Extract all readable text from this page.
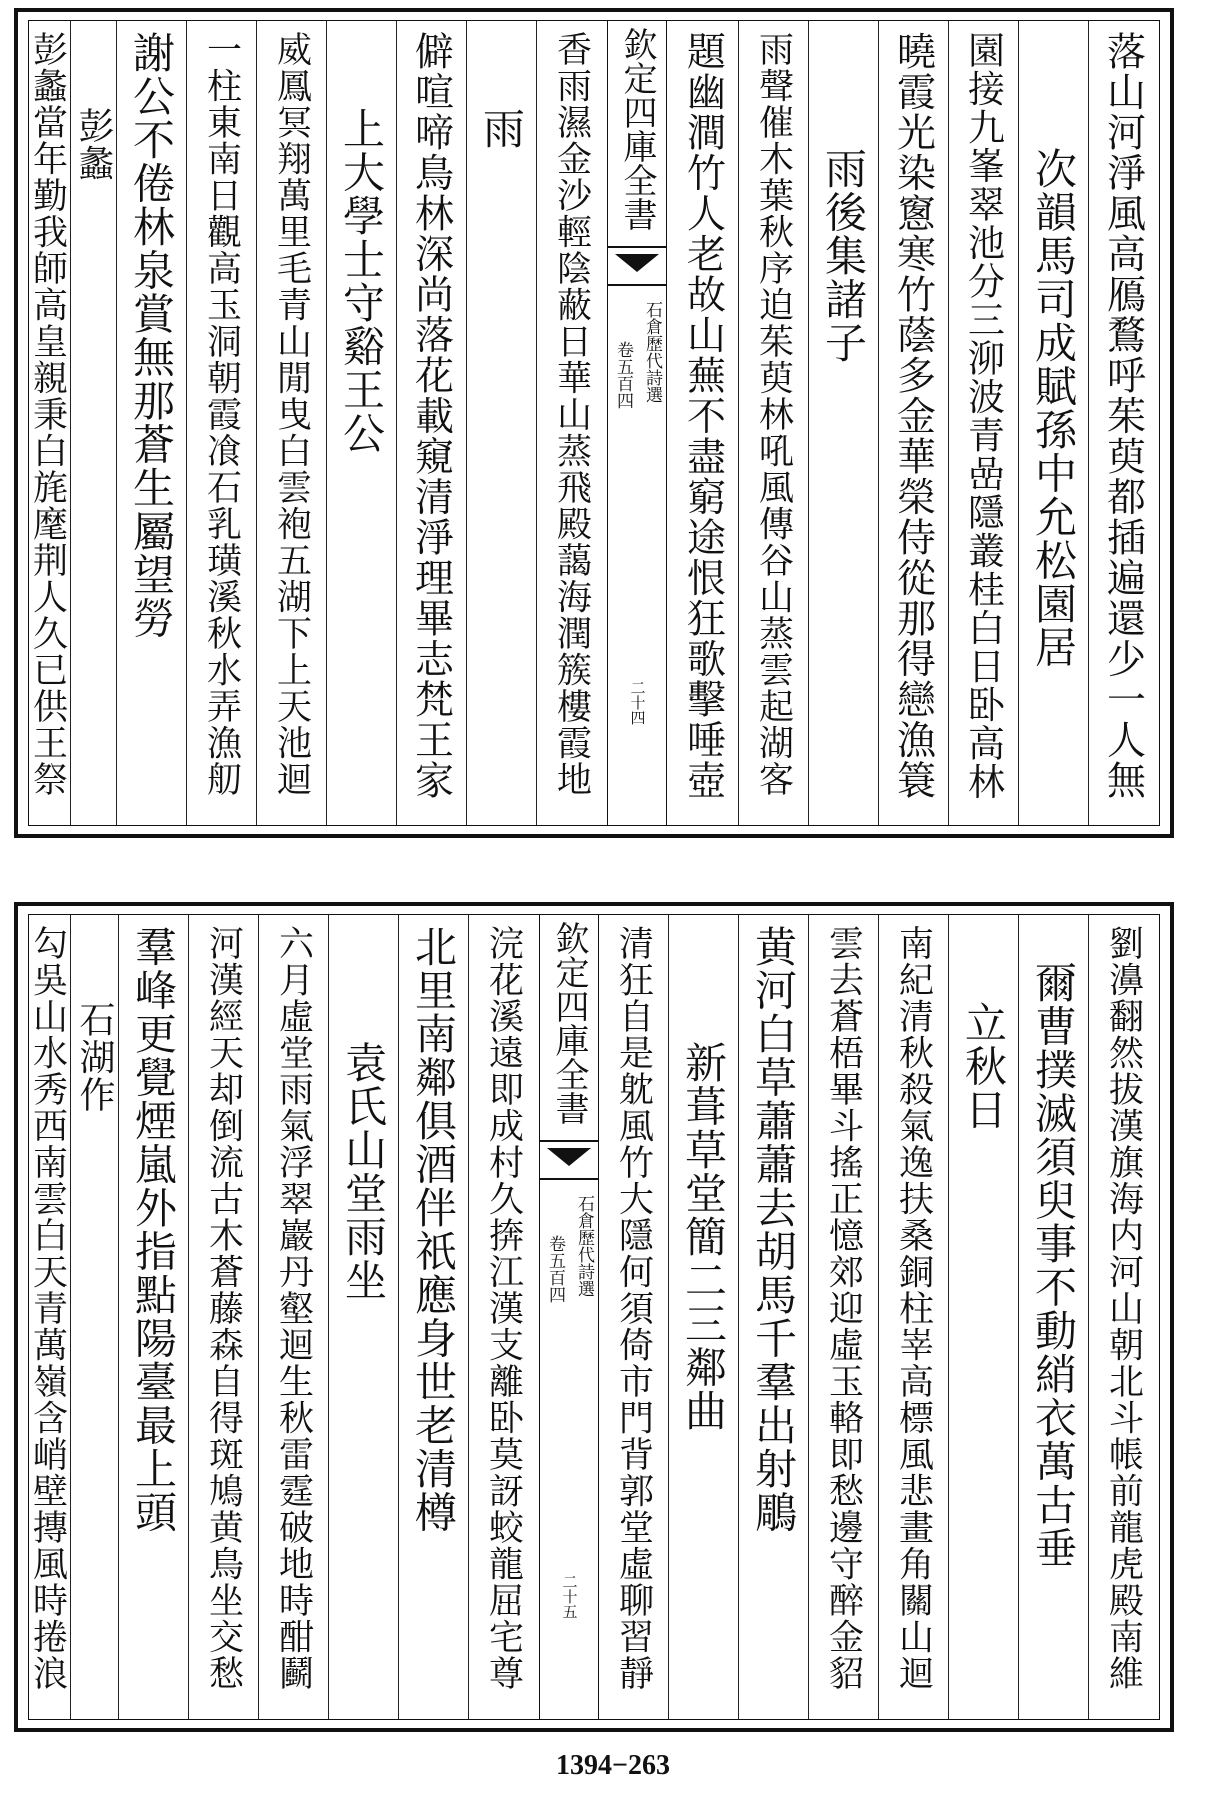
落山河淨風高鴈鶩呼茱萸都插遍還少一人無
次韻馬司成賦孫中允松園居
園接九峯翠池分三泖波青嵒隱叢桂白日卧高林
曉霞光染窻寒竹蔭多金華榮侍從那得戀漁簑
雨後集諸子
雨聲催木葉秋序迫茱萸林吼風傳谷山蒸雲起湖客
題幽澗竹人老故山蕪不盡窮途恨狂歌擊唾壺
欽定四庫全書
石倉歷代詩選
卷五百四
二十四
香雨濕金沙輕陰蔽日華山蒸飛殿藹海潤簇樓霞地
雨
僻喧啼鳥林深尚落花載窺清淨理畢志梵王家
上大學士守谿王公
威鳳冥翔萬里毛青山閒曳白雲袍五湖下上天池迴
一柱東南日觀高玉洞朝霞飡石乳璜溪秋水弄漁舠
謝公不倦林泉賞無那蒼生屬望勞
彭蠡
彭蠡當年勤我師高皇親秉白旄麾荆人久已供王祭
劉濞翻然拔漢旗海内河山朝北斗帳前龍虎殿南維
爾曹撲滅須臾事不動綃衣萬古垂
立秋日
南紀清秋殺氣逸扶桑銅柱峷高標風悲畫角關山迴
雲去蒼梧畢斗搖正憶郊迎虛玉輅即愁邊守醉金貂
黄河白草蕭蕭去胡馬千羣出射鵰
新葺草堂簡二三鄰曲
清狂自是躭風竹大隱何須倚市門背郭堂虛聊習靜
欽定四庫全書
石倉歷代詩選
卷五百四
二十五
浣花溪遠即成村久捹江漢支離卧莫訝蛟龍屈宅尊
北里南鄰俱酒伴祇應身世老清樽
袁氏山堂雨坐
六月虛堂雨氣浮翠巖丹壑迴生秋雷霆破地時酣鬬
河漢經天却倒流古木蒼藤森自得斑鳩黄鳥坐交愁
羣峰更覺煙嵐外指點陽臺最上頭
石湖作
勾吳山水秀西南雲白天青萬嶺含峭壁摶風時捲浪
1394−263
